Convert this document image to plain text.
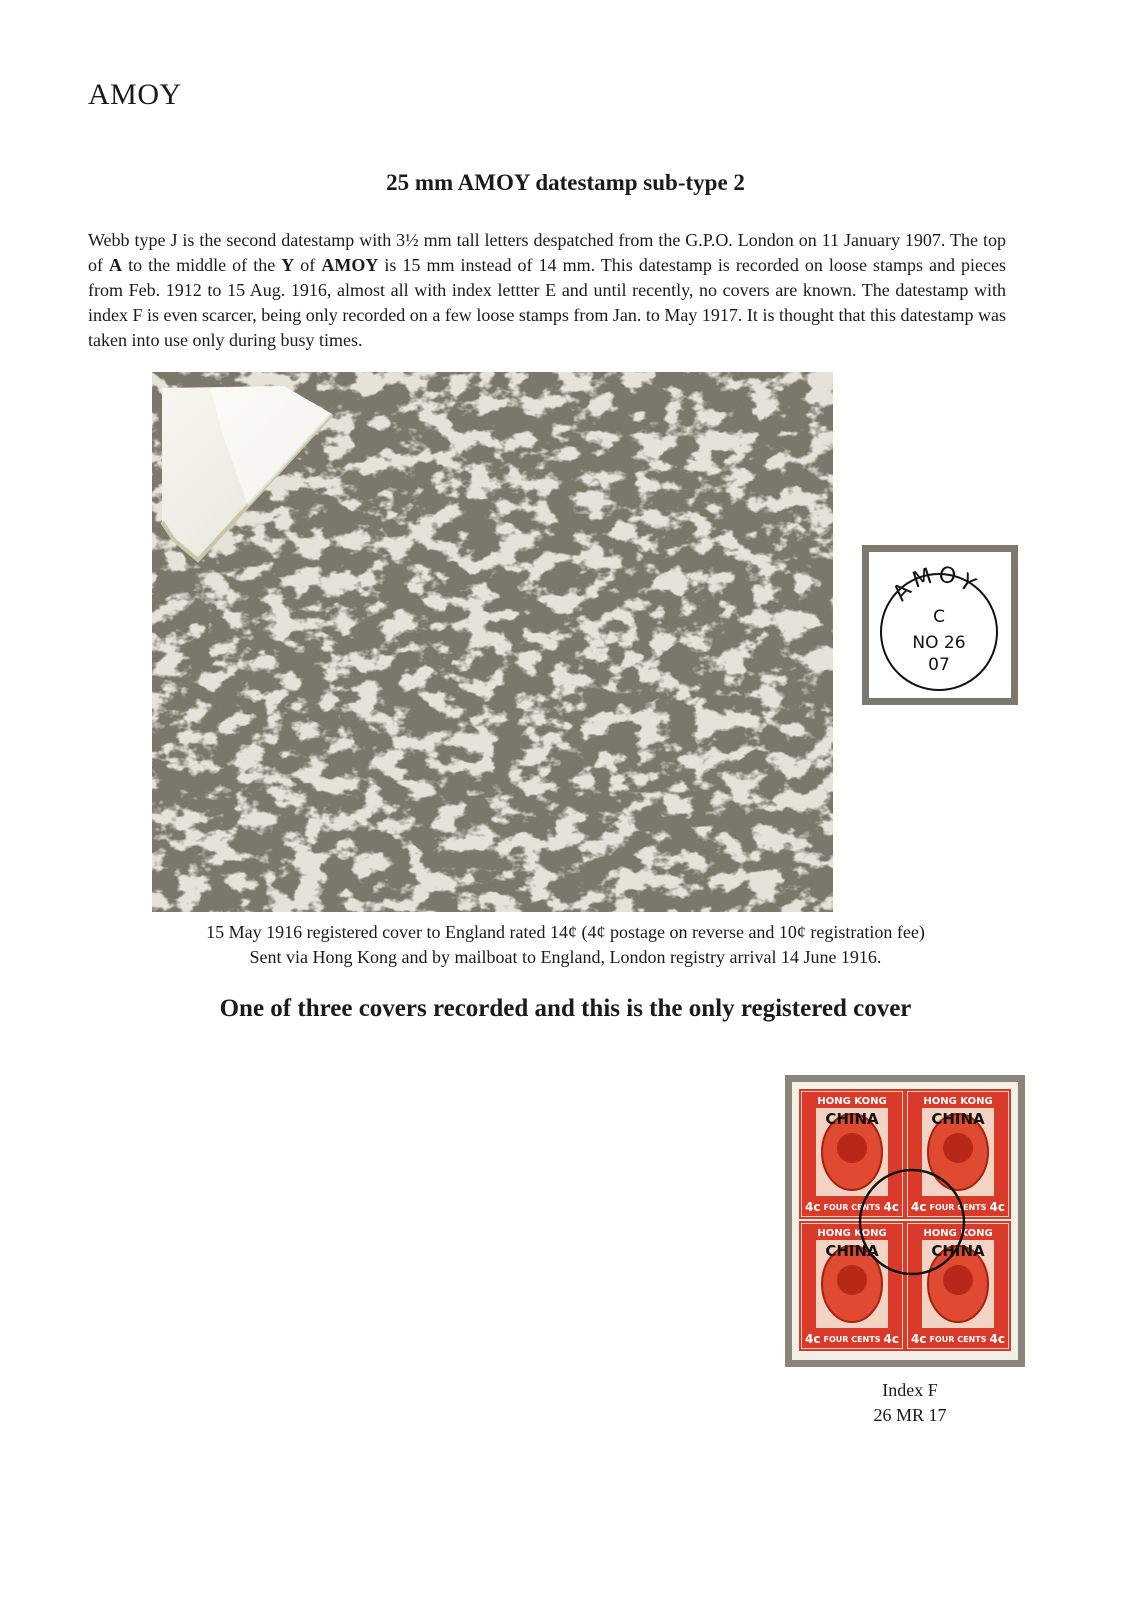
AMOY
25 mm AMOY datestamp sub-type 2

Webb type J is the second datestamp with 3½ mm tall letters despatched from the G.P.O. London on 11 January 1907. The top of A to the middle of the Y of AMOY is 15 mm instead of 14 mm. This datestamp is recorded on loose stamps and pieces from Feb. 1912 to 15 Aug. 1916, almost all with index lettter E and until recently, no covers are known. The datestamp with index F is even scarcer, being only recorded on a few loose stamps from Jan. to May 1917. It is thought that this datestamp was taken into use only during busy times.

AMOY
C
NO 26
07
15 May 1916 registered cover to England rated 14¢ (4¢ postage on reverse and 10¢ registration fee)
Sent via Hong Kong and by mailboat to England, London registry arrival 14 June 1916.
One of three covers recorded and this is the only registered cover
HONG KONG
CHINA
4c FOUR CENTS 4c
HONG KONG
CHINA
4c FOUR CENTS 4c
HONG KONG
CHINA
4c FOUR CENTS 4c
HONG KONG
CHINA
4c FOUR CENTS 4c
Index F
26 MR 17
